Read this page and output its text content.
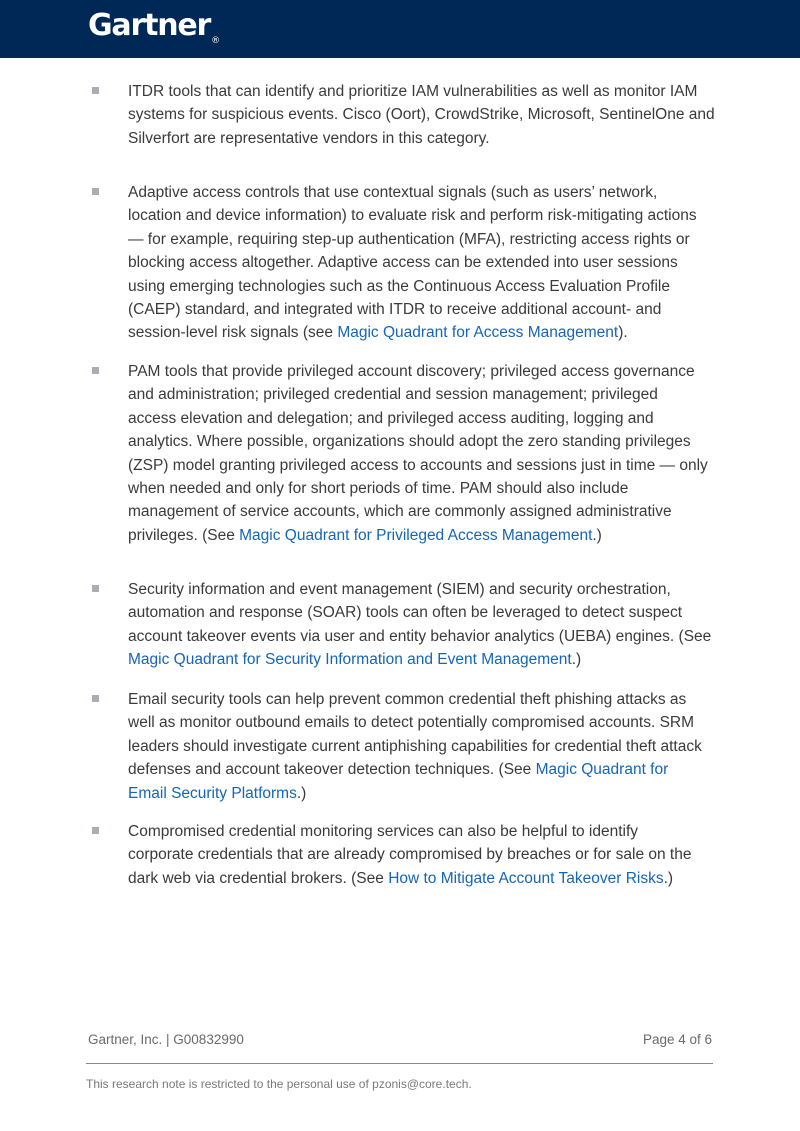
Gartner®
ITDR tools that can identify and prioritize IAM vulnerabilities as well as monitor IAM
systems for suspicious events. Cisco (Oort), CrowdStrike, Microsoft, SentinelOne and
Silverfort are representative vendors in this category.
Adaptive access controls that use contextual signals (such as users’ network,
location and device information) to evaluate risk and perform risk-mitigating actions
— for example, requiring step-up authentication (MFA), restricting access rights or
blocking access altogether. Adaptive access can be extended into user sessions
using emerging technologies such as the Continuous Access Evaluation Profile
(CAEP) standard, and integrated with ITDR to receive additional account- and
session-level risk signals (see Magic Quadrant for Access Management).
PAM tools that provide privileged account discovery; privileged access governance
and administration; privileged credential and session management; privileged
access elevation and delegation; and privileged access auditing, logging and
analytics. Where possible, organizations should adopt the zero standing privileges
(ZSP) model granting privileged access to accounts and sessions just in time — only
when needed and only for short periods of time. PAM should also include
management of service accounts, which are commonly assigned administrative
privileges. (See Magic Quadrant for Privileged Access Management.)
Security information and event management (SIEM) and security orchestration,
automation and response (SOAR) tools can often be leveraged to detect suspect
account takeover events via user and entity behavior analytics (UEBA) engines. (See
Magic Quadrant for Security Information and Event Management.)
Email security tools can help prevent common credential theft phishing attacks as
well as monitor outbound emails to detect potentially compromised accounts. SRM
leaders should investigate current antiphishing capabilities for credential theft attack
defenses and account takeover detection techniques. (See Magic Quadrant for
Email Security Platforms.)
Compromised credential monitoring services can also be helpful to identify
corporate credentials that are already compromised by breaches or for sale on the
dark web via credential brokers. (See How to Mitigate Account Takeover Risks.)
Gartner, Inc. | G00832990	Page 4 of 6
This research note is restricted to the personal use of pzonis@core.tech.
